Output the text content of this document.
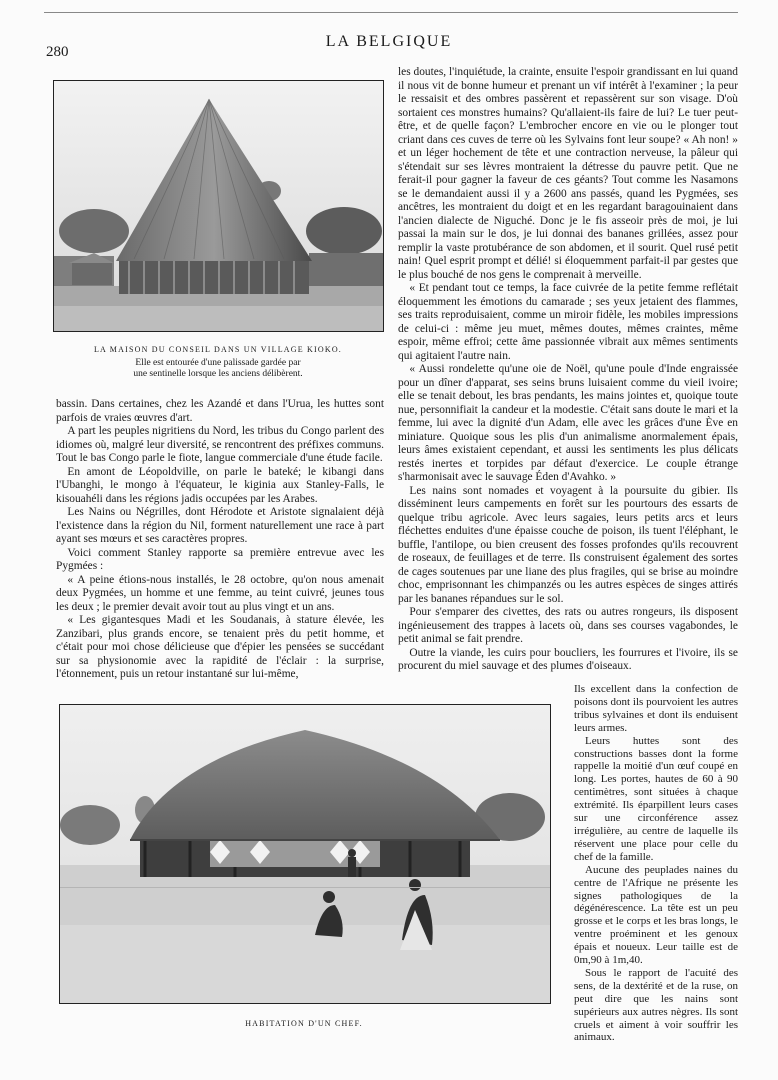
280
LA BELGIQUE
LA MAISON DU CONSEIL DANS UN VILLAGE KIOKO.
Elle est entourée d'une palissade gardée par
une sentinelle lorsque les anciens délibèrent.

bassin. Dans certaines, chez les Azandé et dans l'Urua, les huttes sont parfois de vraies œuvres d'art.

A part les peuples nigritiens du Nord, les tribus du Congo parlent des idiomes où, malgré leur diversité, se rencontrent des préfixes communs. Tout le bas Congo parle le fiote, langue commerciale d'une étude facile.

En amont de Léopoldville, on parle le bateké; le kibangi dans l'Ubanghi, le mongo à l'équateur, le kiginia aux Stanley-Falls, le kisouahéli dans les régions jadis occupées par les Arabes.

Les Nains ou Négrilles, dont Hérodote et Aristote signalaient déjà l'existence dans la région du Nil, forment naturellement une race à part ayant ses mœurs et ses caractères propres.

Voici comment Stanley rapporte sa première entrevue avec les Pygmées :

« A peine étions-nous installés, le 28 octobre, qu'on nous amenait deux Pygmées, un homme et une femme, au teint cuivré, jeunes tous les deux ; le premier devait avoir tout au plus vingt et un ans.

« Les gigantesques Madi et les Soudanais, à stature élevée, les Zanzibari, plus grands encore, se tenaient près du petit homme, et c'était pour moi chose délicieuse que d'épier les pensées se succédant sur sa physionomie avec la rapidité de l'éclair : la surprise, l'étonnement, puis un retour instantané sur lui-même,

les doutes, l'inquiétude, la crainte, ensuite l'espoir grandissant en lui quand il nous vit de bonne humeur et prenant un vif intérêt à l'examiner ; la peur le ressaisit et des ombres passèrent et repassèrent sur son visage. D'où sortaient ces monstres humains? Qu'allaient-ils faire de lui? Le tuer peut-être, et de quelle façon? L'embrocher encore en vie ou le plonger tout criant dans ces cuves de terre où les Sylvains font leur soupe? « Ah non! » et un léger hochement de tête et une contraction nerveuse, la pâleur qui s'étendait sur ses lèvres montraient la détresse du pauvre petit. Que ne ferait-il pour gagner la faveur de ces géants? Tout comme les Nasamons se le demandaient aussi il y a 2600 ans passés, quand les Pygmées, ses ancêtres, les montraient du doigt et en les regardant baragouinaient dans l'ancien dialecte de Niguché. Donc je le fis asseoir près de moi, je lui passai la main sur le dos, je lui donnai des bananes grillées, assez pour remplir la vaste protubérance de son abdomen, et il sourit. Quel rusé petit nain! Quel esprit prompt et délié! si éloquemment parfait-il par gestes que le plus bouché de nos gens le comprenait à merveille.

« Et pendant tout ce temps, la face cuivrée de la petite femme reflétait éloquemment les émotions du camarade ; ses yeux jetaient des flammes, ses traits reproduisaient, comme un miroir fidèle, les mobiles impressions de celui-ci : même jeu muet, mêmes doutes, mêmes craintes, même espoir, même effroi; cette âme passionnée vibrait aux mêmes sentiments qui agitaient l'autre nain.

« Aussi rondelette qu'une oie de Noël, qu'une poule d'Inde engraissée pour un dîner d'apparat, ses seins bruns luisaient comme du vieil ivoire; elle se tenait debout, les bras pendants, les mains jointes et, quoique toute nue, personnifiait la candeur et la modestie. C'était sans doute le mari et la femme, lui avec la dignité d'un Adam, elle avec les grâces d'une Ève en miniature. Quoique sous les plis d'un animalisme anormalement épais, leurs âmes existaient cependant, et aussi les sentiments les plus délicats restés inertes et torpides par défaut d'exercice. Le couple étrange s'harmonisait avec le sauvage Éden d'Avahko. »

Les nains sont nomades et voyagent à la poursuite du gibier. Ils disséminent leurs campements en forêt sur les pourtours des essarts de quelque tribu agricole. Avec leurs sagaies, leurs petits arcs et leurs fléchettes enduites d'une épaisse couche de poison, ils tuent l'éléphant, le buffle, l'antilope, ou bien creusent des fosses profondes qu'ils recouvrent de roseaux, de feuillages et de terre. Ils construisent également des sortes de cages soutenues par une liane des plus fragiles, qui se brise au moindre choc, emprisonnant les chimpanzés ou les autres espèces de singes attirés par les bananes répandues sur le sol.

Pour s'emparer des civettes, des rats ou autres rongeurs, ils disposent ingénieusement des trappes à lacets où, dans ses courses vagabondes, le petit animal se fait prendre.

Outre la viande, les cuirs pour boucliers, les fourrures et l'ivoire, ils se procurent du miel sauvage et des plumes d'oiseaux.

HABITATION D'UN CHEF.

Ils excellent dans la confection de poisons dont ils pourvoient les autres tribus sylvaines et dont ils enduisent leurs armes.

Leurs huttes sont des constructions basses dont la forme rappelle la moitié d'un œuf coupé en long. Les portes, hautes de 60 à 90 centimètres, sont situées à chaque extrémité. Ils éparpillent leurs cases sur une circonférence assez irrégulière, au centre de laquelle ils réservent une place pour celle du chef de la famille.

Aucune des peuplades naines du centre de l'Afrique ne présente les signes pathologiques de la dégénérescence. La tête est un peu grosse et le corps et les bras longs, le ventre proéminent et les genoux épais et noueux. Leur taille est de 0m,90 à 1m,40.

Sous le rapport de l'acuité des sens, de la dextérité et de la ruse, on peut dire que les nains sont supérieurs aux autres nègres. Ils sont cruels et aiment à voir souffrir les animaux.
